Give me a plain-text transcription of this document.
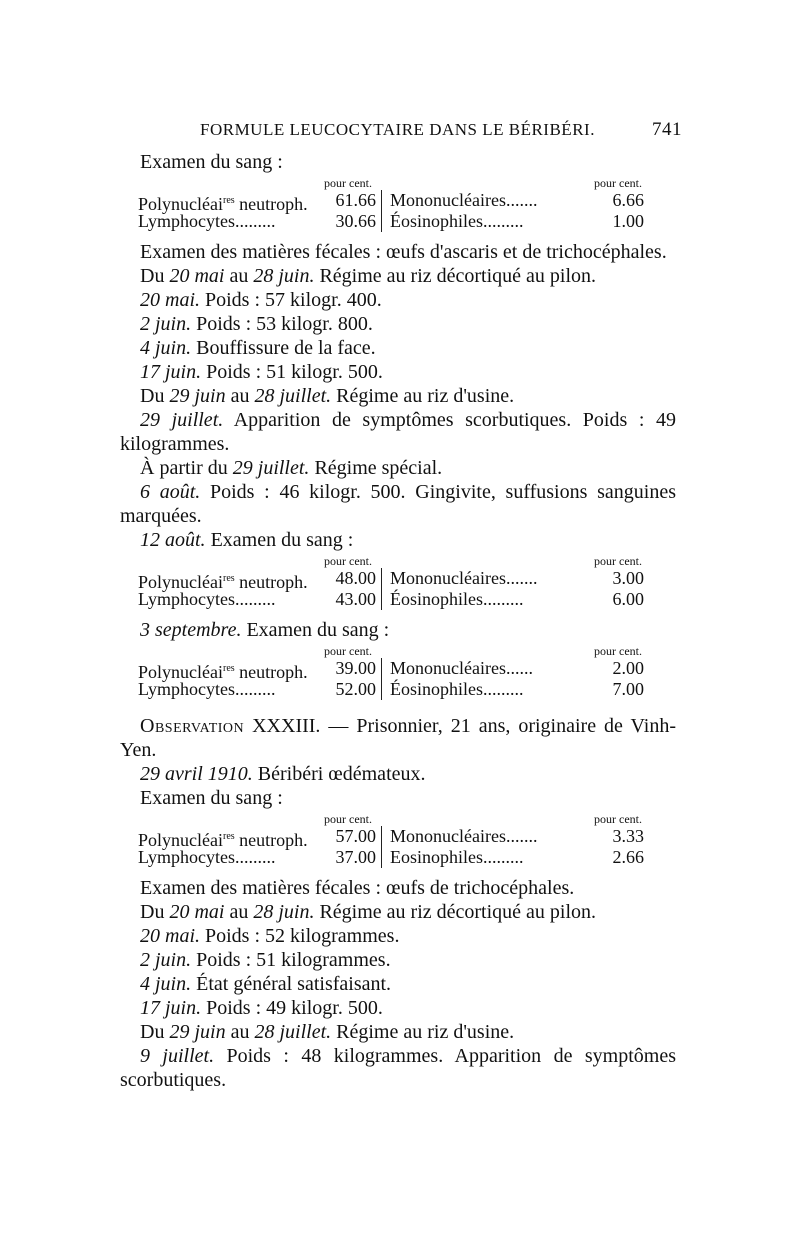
FORMULE LEUCOCYTAIRE DANS LE BÉRIBÉRI.	741

Examen du sang :

pour cent.	pour cent.
Polynucléai$^{res}$ neutroph. 61.66 Mononucléaires.......	6.66
Lymphocytes.........	30.66 Éosinophiles.........	1.00

Examen des matières fécales : œufs d'ascaris et de trichocéphales.

Du 20 mai au 28 juin. Régime au riz décortiqué au pilon.

20 mai. Poids : 57 kilogr. 400.

2 juin. Poids : 53 kilogr. 800.

4 juin. Bouffissure de la face.

17 juin. Poids : 51 kilogr. 500.

Du 29 juin au 28 juillet. Régime au riz d'usine.

29 juillet. Apparition de symptômes scorbutiques. Poids : 49 kilogrammes.

À partir du 29 juillet. Régime spécial.

6 août. Poids : 46 kilogr. 500. Gingivite, suffusions sanguines marquées.

12 août. Examen du sang :

pour cent.	pour cent.
Polynucléai$^{res}$ neutroph. 48.00 Mononucléaires.......	3.00
Lymphocytes.........	43.00 Éosinophiles.........	6.00

3 septembre. Examen du sang :

pour cent.	pour cent.
Polynucléai$^{res}$ neutroph. 39.00 Mononucléaires......	2.00
Lymphocytes.........	52.00 Éosinophiles.........	7.00

Observation XXXIII. — Prisonnier, 21 ans, originaire de Vinh-Yen.

29 avril 1910. Béribéri œdémateux.

Examen du sang :

pour cent.	pour cent.
Polynucléai$^{res}$ neutroph. 57.00 Mononucléaires.......	3.33
Lymphocytes.........	37.00 Eosinophiles.........	2.66

Examen des matières fécales : œufs de trichocéphales.

Du 20 mai au 28 juin. Régime au riz décortiqué au pilon.

20 mai. Poids : 52 kilogrammes.

2 juin. Poids : 51 kilogrammes.

4 juin. État général satisfaisant.

17 juin. Poids : 49 kilogr. 500.

Du 29 juin au 28 juillet. Régime au riz d'usine.

9 juillet. Poids : 48 kilogrammes. Apparition de symptômes scorbutiques.
